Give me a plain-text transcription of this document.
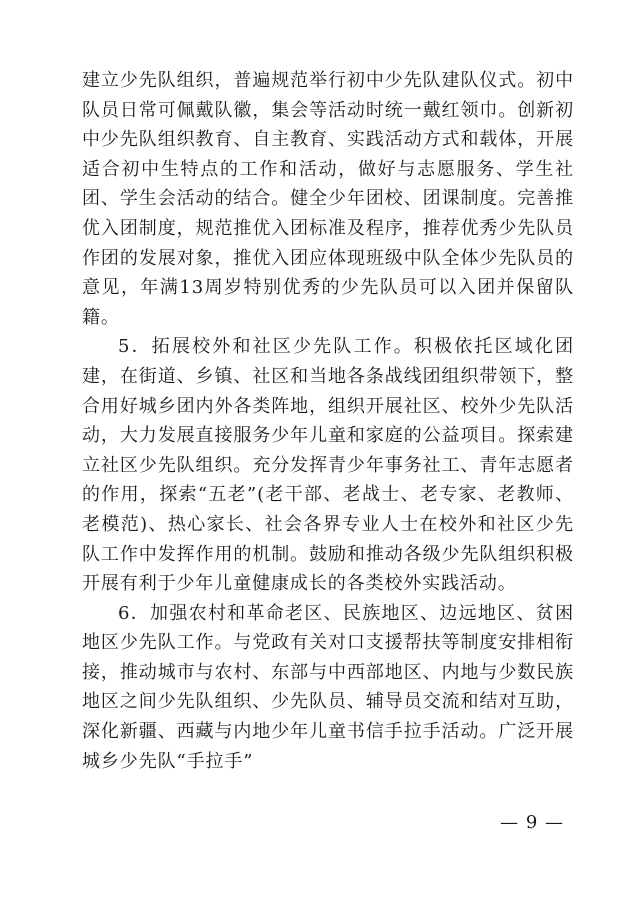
建立少先队组织，普遍规范举行初中少先队建队仪式。初中队员日常可佩戴队徽，集会等活动时统一戴红领巾。创新初中少先队组织教育、自主教育、实践活动方式和载体，开展适合初中生特点的工作和活动，做好与志愿服务、学生社团、学生会活动的结合。健全少年团校、团课制度。完善推优入团制度，规范推优入团标准及程序，推荐优秀少先队员作团的发展对象，推优入团应体现班级中队全体少先队员的意见，年满13周岁特别优秀的少先队员可以入团并保留队籍。

5．拓展校外和社区少先队工作。积极依托区域化团建，在街道、乡镇、社区和当地各条战线团组织带领下，整合用好城乡团内外各类阵地，组织开展社区、校外少先队活动，大力发展直接服务少年儿童和家庭的公益项目。探索建立社区少先队组织。充分发挥青少年事务社工、青年志愿者的作用，探索“五老”(老干部、老战士、老专家、老教师、老模范)、热心家长、社会各界专业人士在校外和社区少先队工作中发挥作用的机制。鼓励和推动各级少先队组织积极开展有利于少年儿童健康成长的各类校外实践活动。

6．加强农村和革命老区、民族地区、边远地区、贫困地区少先队工作。与党政有关对口支援帮扶等制度安排相衔接，推动城市与农村、东部与中西部地区、内地与少数民族地区之间少先队组织、少先队员、辅导员交流和结对互助，深化新疆、西藏与内地少年儿童书信手拉手活动。广泛开展城乡少先队“手拉手”

— 9 —
